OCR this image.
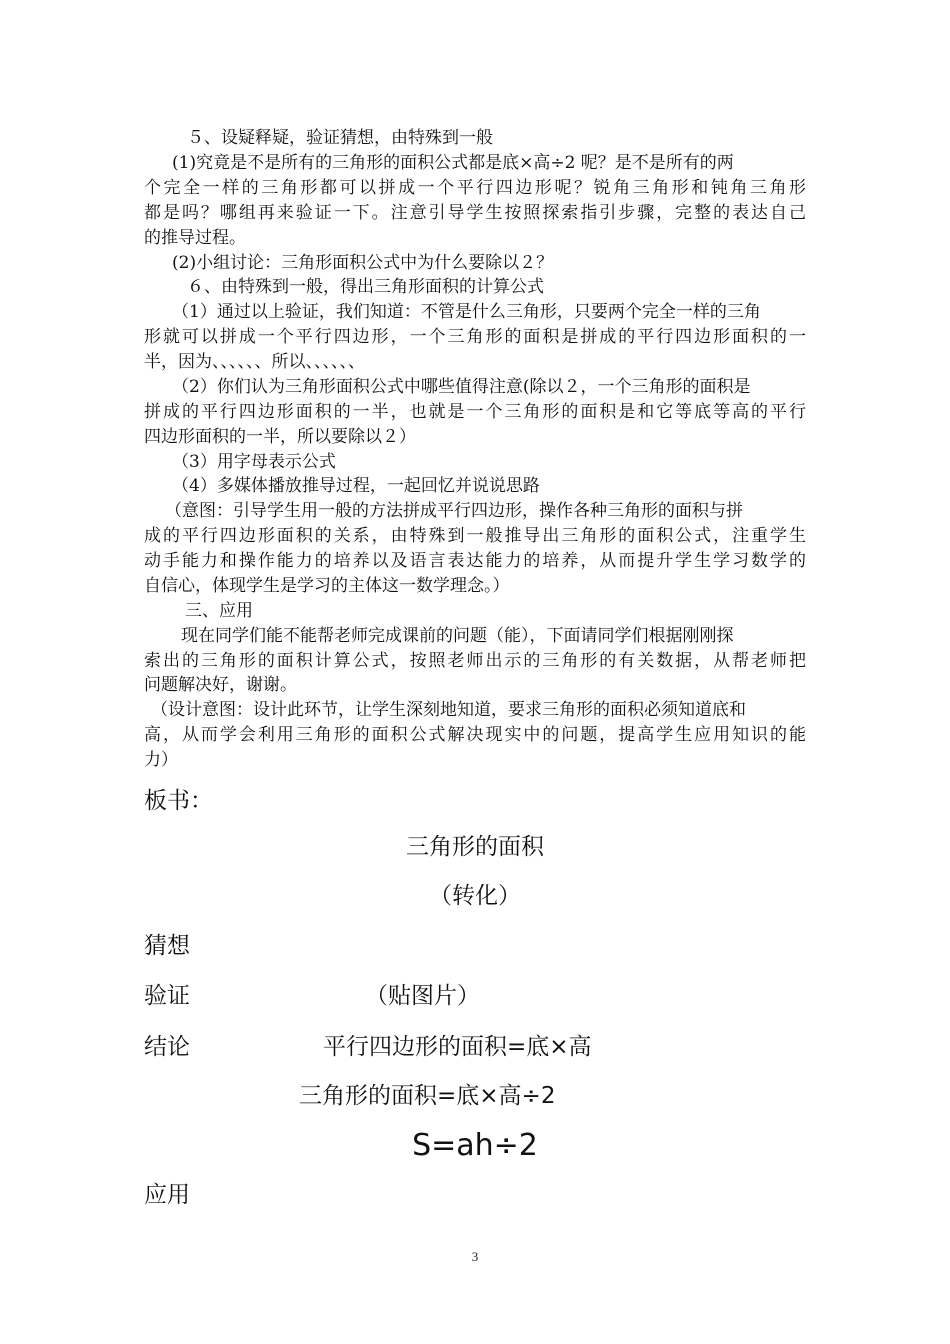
５、设疑释疑，验证猜想，由特殊到一般
(1)究竟是不是所有的三角形的面积公式都是底×高÷2 呢？是不是所有的两
个完全一样的三角形都可以拼成一个平行四边形呢？锐角三角形和钝角三角形
都是吗？哪组再来验证一下。注意引导学生按照探索指引步骤，完整的表达自己
的推导过程。
(2)小组讨论：三角形面积公式中为什么要除以２？
６、由特殊到一般，得出三角形面积的计算公式
（1）通过以上验证，我们知道：不管是什么三角形，只要两个完全一样的三角
形就可以拼成一个平行四边形，一个三角形的面积是拼成的平行四边形面积的一
半，因为、、、、、、所以、、、、、、
（2）你们认为三角形面积公式中哪些值得注意(除以２，一个三角形的面积是
拼成的平行四边形面积的一半，也就是一个三角形的面积是和它等底等高的平行
四边形面积的一半，所以要除以２）
（3）用字母表示公式
（4）多媒体播放推导过程，一起回忆并说说思路
（意图：引导学生用一般的方法拼成平行四边形，操作各种三角形的面积与拼
成的平行四边形面积的关系，由特殊到一般推导出三角形的面积公式，注重学生
动手能力和操作能力的培养以及语言表达能力的培养，从而提升学生学习数学的
自信心，体现学生是学习的主体这一数学理念。）
三、应用
现在同学们能不能帮老师完成课前的问题（能），下面请同学们根据刚刚探
索出的三角形的面积计算公式，按照老师出示的三角形的有关数据，从帮老师把
问题解决好，谢谢。
（设计意图：设计此环节，让学生深刻地知道，要求三角形的面积必须知道底和
高，从而学会利用三角形的面积公式解决现实中的问题，提高学生应用知识的能
力）
板书：
三角形的面积
（转化）
猜想
验证	（贴图片）
结论	平行四边形的面积=底×高
三角形的面积=底×高÷2
S=ah÷2
应用
3
